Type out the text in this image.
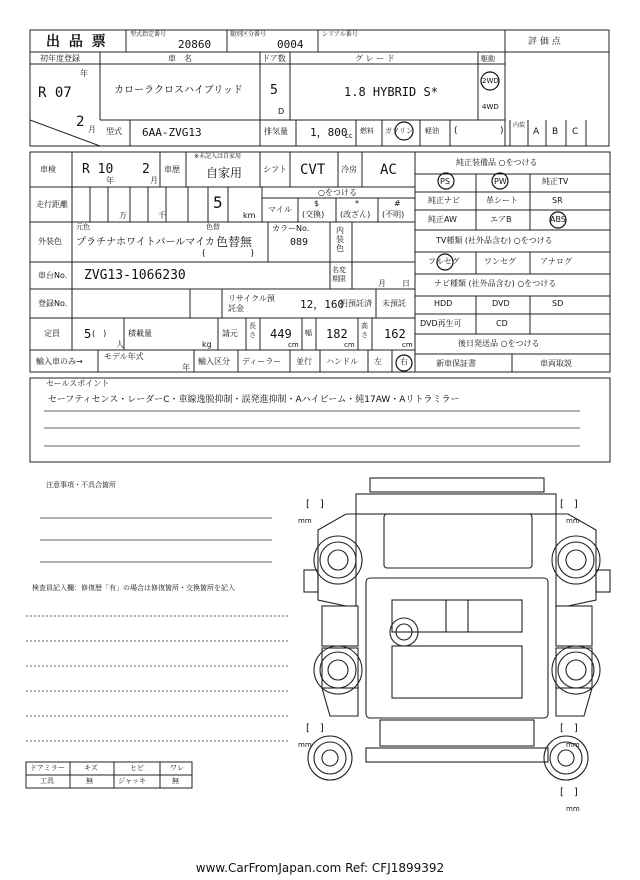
出 品 票	型式指定番号
20860
類別区分番号
0004
シリアル番号
評 価 点
初年度登録
年
R 07
2 月
車　名
カローラクロスハイブリッド
ドア数
5
D
グ レ ー ド
1.8 HYBRID S*
駆動
2WD
4WD
型式 6AA-ZVG13	排気量 1，800
cc
燃料 ガソリン 軽油 (	)
内装
A B C
車検 R 10
年
2
月
車歴
※未記入は自家用
自家用	シフト CVT 冷房 AC
走行距離
万	千
5
km
○をつける
マイル
$
(交換)
*
(改ざん)
#
(不明)
外装色
元色
プラチナホワイトパールマイカ
色替
色替無
(　　　　　)
カラーNo.
089
内装色
車台No. ZVG13-1066230	名変期限	月 日
登録No.
リサイクル預託金	12，160
円預託済 未預託
定員 5 (　)
人
積載量
kg
請元
長さ 449
cm
幅 182
cm
高さ 162
cm
輸入車のみ→
モデル年式
年
輸入区分 ディーラー 並行 ハンドル 左 右
純正装備品 ○をつける
PS	PW	純正TV
純正ナビ	革シート	SR
純正AW	エアB	ABS
TV種類 (社外品含む) ○をつける
フルセグ	ワンセグ	アナログ
ナビ種類 (社外品含む) ○をつける
HDD	DVD	SD
DVD再生可	CD
後日発送品 ○をつける
新車保証書	車両取説
セールスポイント
セーフティセンス・レーダーC・車線逸脱抑制・誤発進抑制・Aハイビーム・純17AW・Aリトラミラー
注意事項・不具合箇所
検査員記入欄：修復歴「有」の場合は修復箇所・交換箇所を記入
ドアミラー	キズ	ヒビ	ワレ
工具	無	ジャッキ	無
[　]
mm
[　]
mm
[　]
mm
[　]
mm
[　]
mm
www.CarFromJapan.com Ref: CFJ1899392
